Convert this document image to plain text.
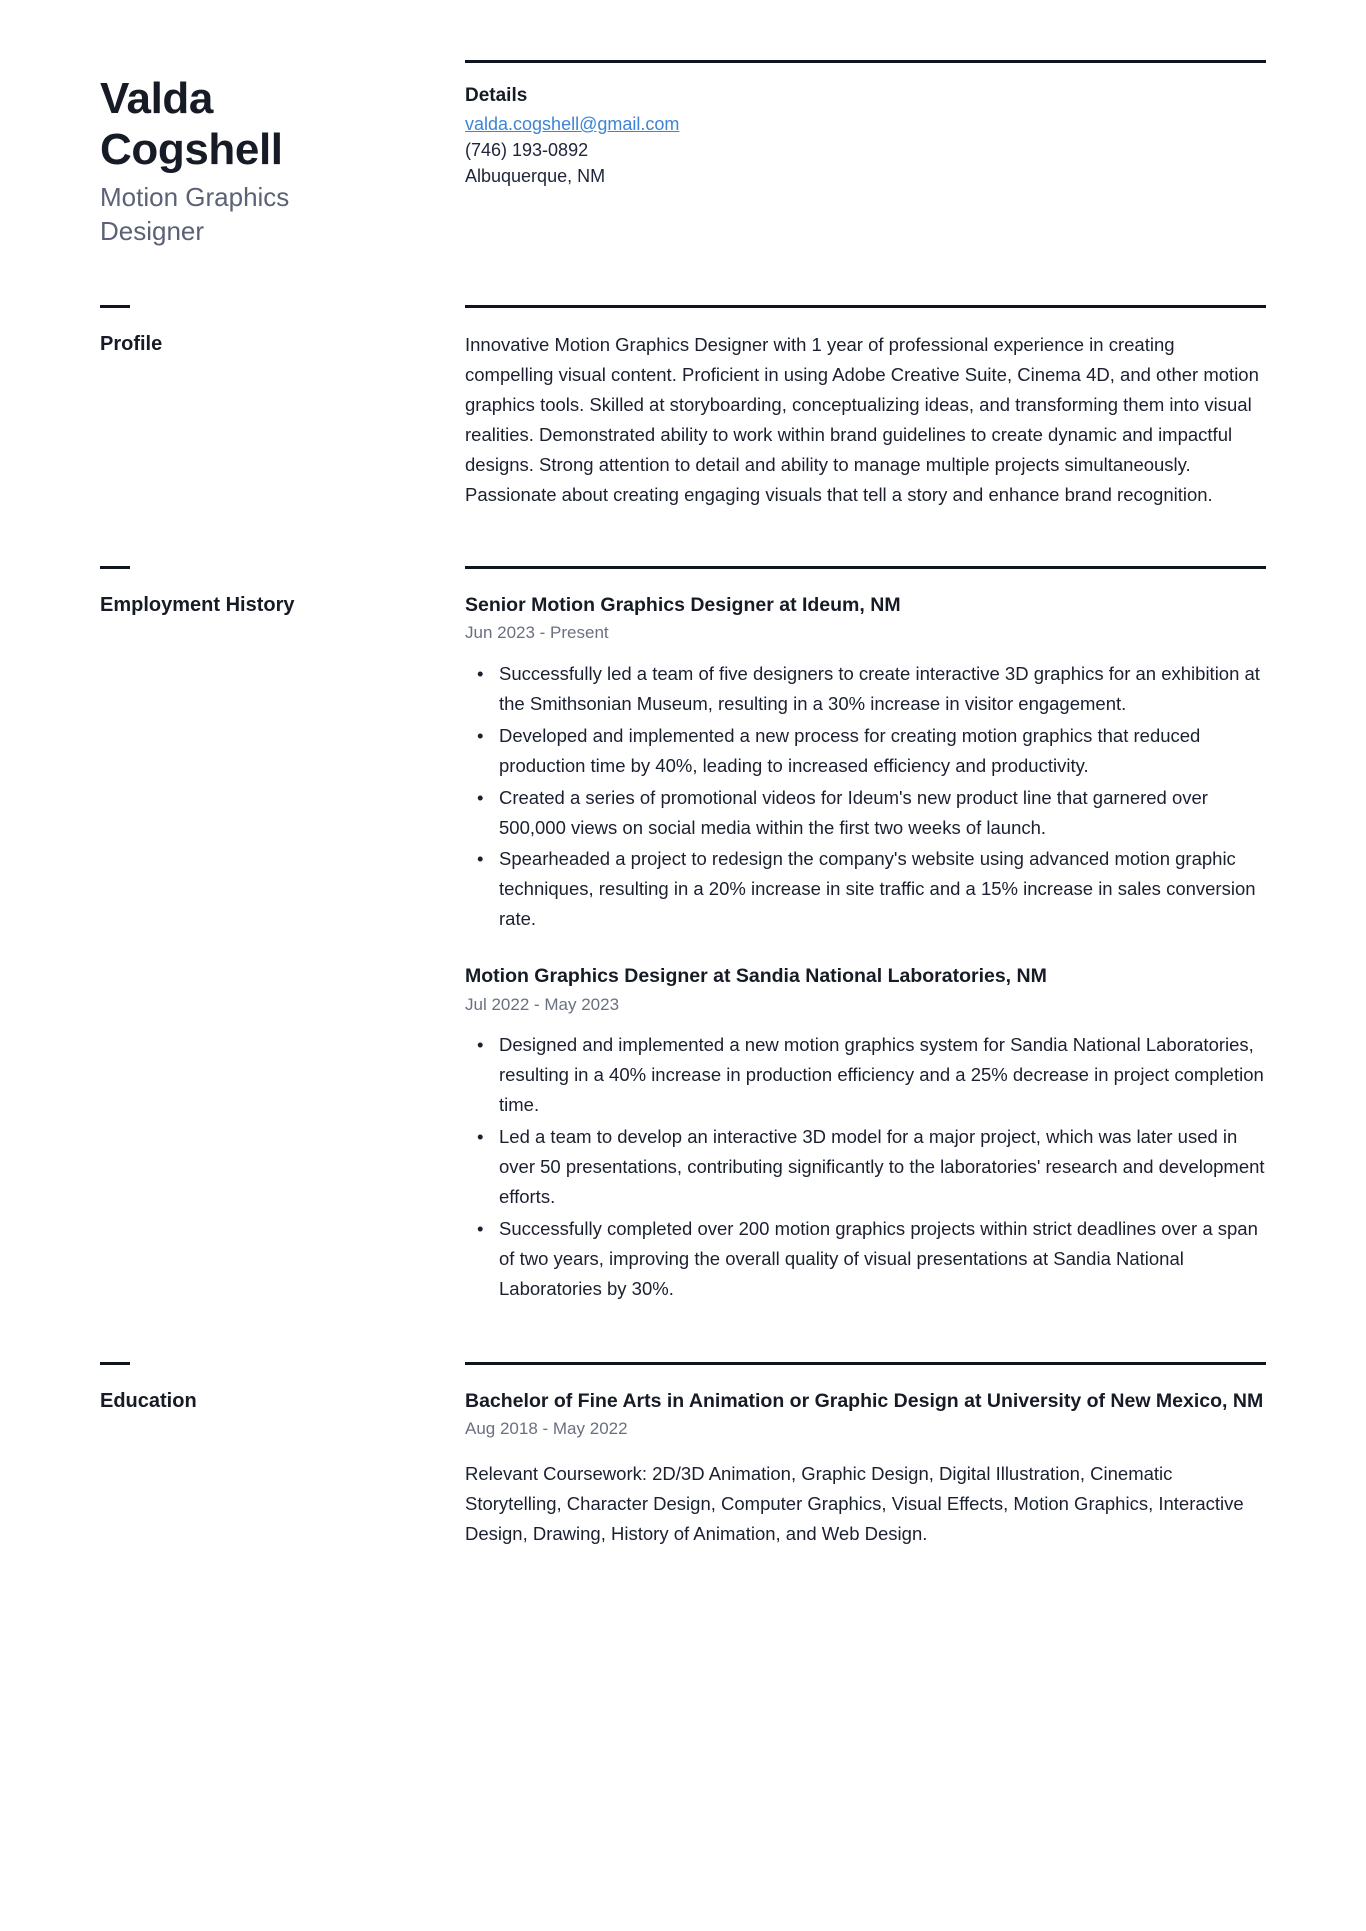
Valda Cogshell
Motion Graphics Designer
Details
valda.cogshell@gmail.com
(746) 193-0892
Albuquerque, NM
Profile	Innovative Motion Graphics Designer with 1 year of professional experience in creating compelling visual content. Proficient in using Adobe Creative Suite, Cinema 4D, and other motion graphics tools. Skilled at storyboarding, conceptualizing ideas, and transforming them into visual realities. Demonstrated ability to work within brand guidelines to create dynamic and impactful designs. Strong attention to detail and ability to manage multiple projects simultaneously. Passionate about creating engaging visuals that tell a story and enhance brand recognition.

Employment History	Senior Motion Graphics Designer at Ideum, NM
Jun 2023 - Present
• Successfully led a team of five designers to create interactive 3D graphics for an exhibition at the Smithsonian Museum, resulting in a 30% increase in visitor engagement.
• Developed and implemented a new process for creating motion graphics that reduced production time by 40%, leading to increased efficiency and productivity.
• Created a series of promotional videos for Ideum's new product line that garnered over 500,000 views on social media within the first two weeks of launch.
• Spearheaded a project to redesign the company's website using advanced motion graphic techniques, resulting in a 20% increase in site traffic and a 15% increase in sales conversion rate.
Motion Graphics Designer at Sandia National Laboratories, NM
Jul 2022 - May 2023
• Designed and implemented a new motion graphics system for Sandia National Laboratories, resulting in a 40% increase in production efficiency and a 25% decrease in project completion time.
• Led a team to develop an interactive 3D model for a major project, which was later used in over 50 presentations, contributing significantly to the laboratories' research and development efforts.
• Successfully completed over 200 motion graphics projects within strict deadlines over a span of two years, improving the overall quality of visual presentations at Sandia National Laboratories by 30%.
Education	Bachelor of Fine Arts in Animation or Graphic Design at University of New Mexico, NM
Aug 2018 - May 2022

Relevant Coursework: 2D/3D Animation, Graphic Design, Digital Illustration, Cinematic Storytelling, Character Design, Computer Graphics, Visual Effects, Motion Graphics, Interactive Design, Drawing, History of Animation, and Web Design.
